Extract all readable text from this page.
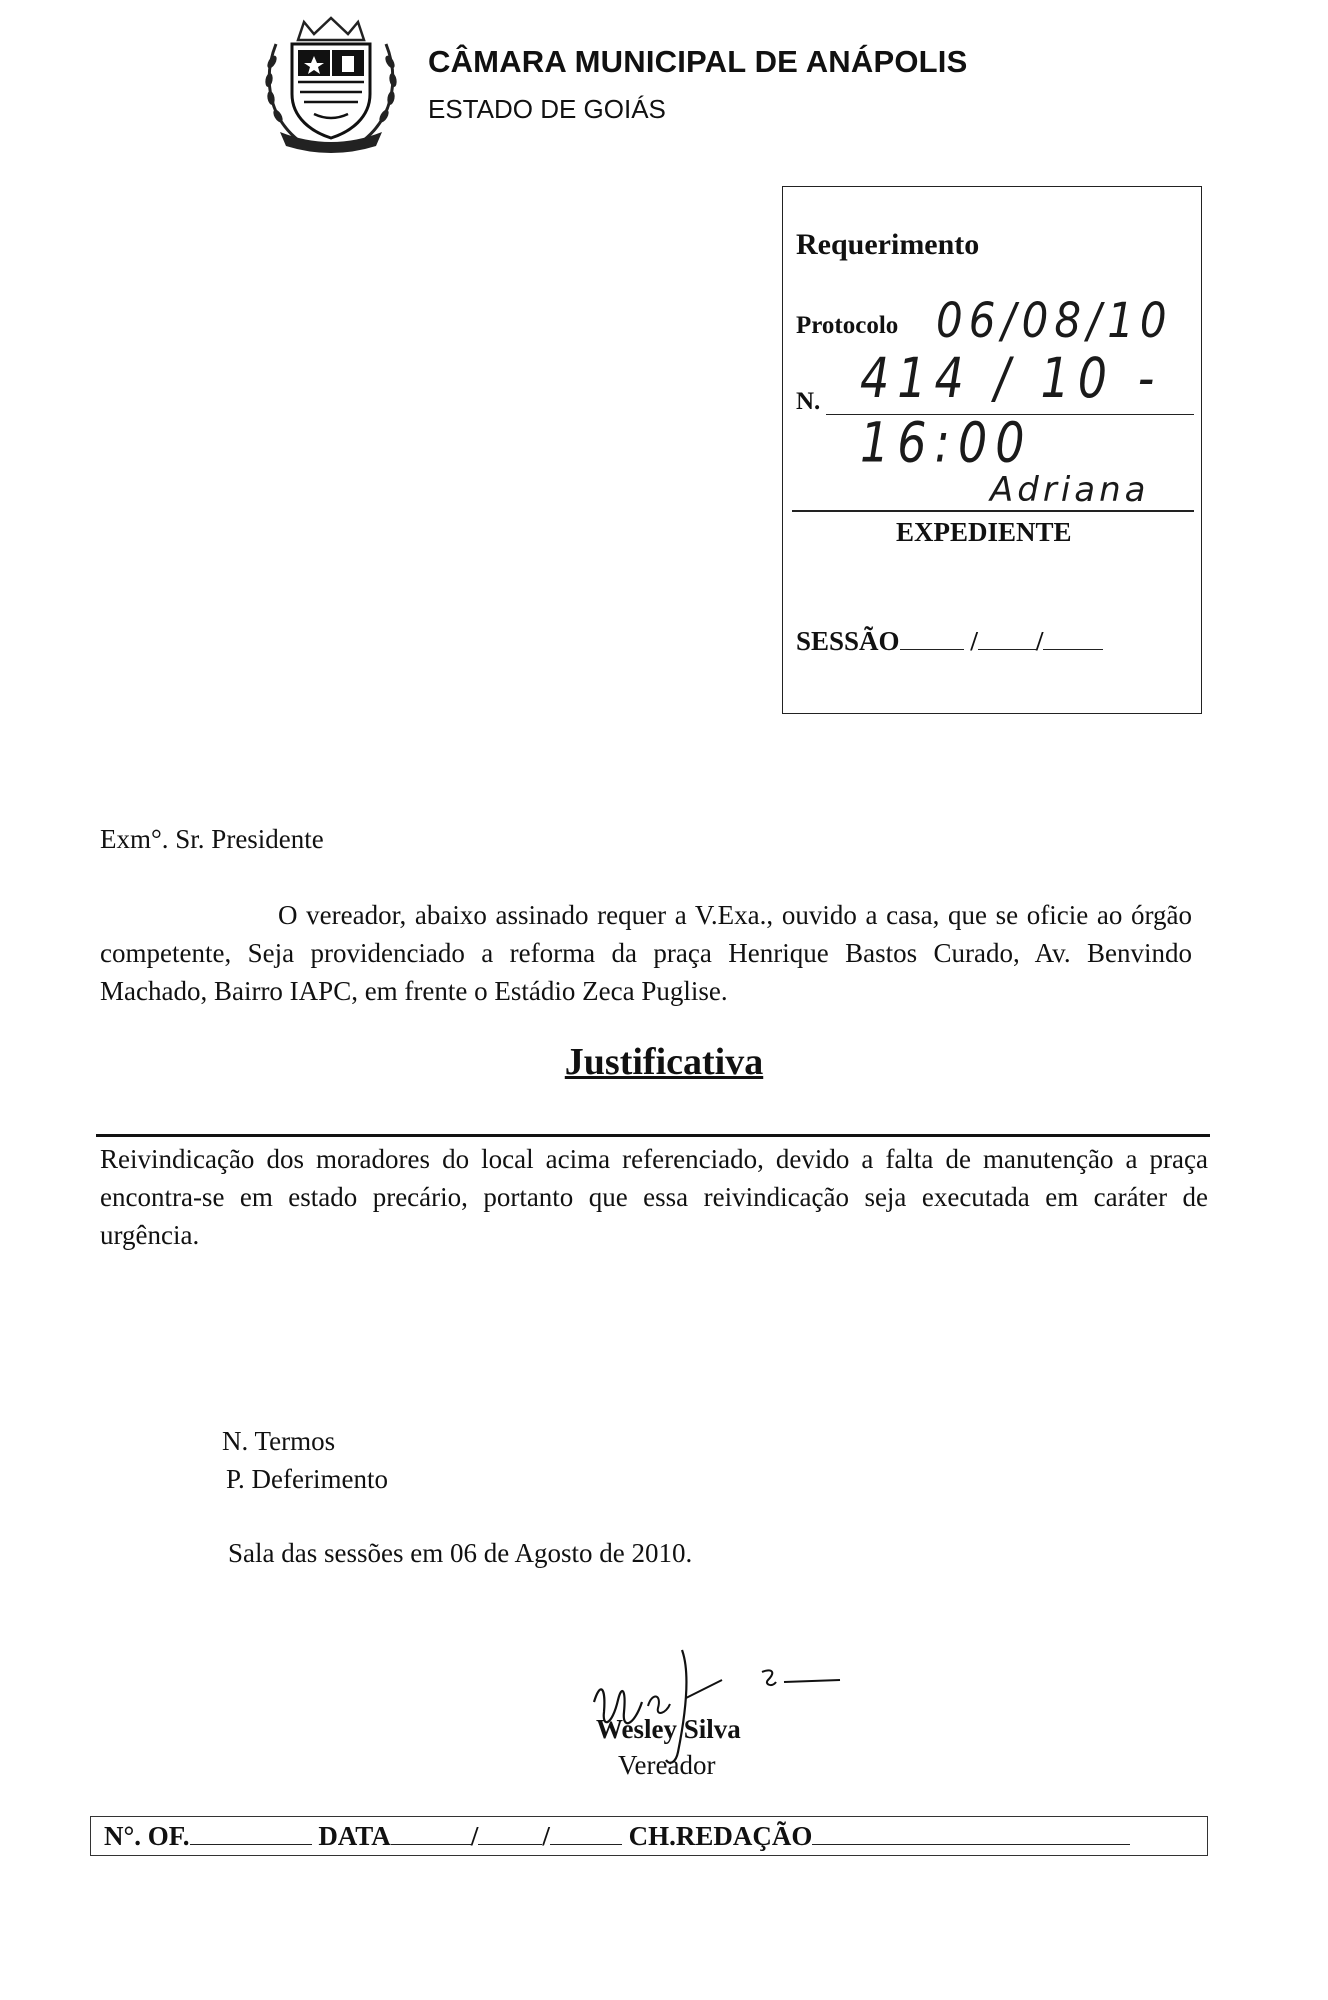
CÂMARA MUNICIPAL DE ANÁPOLIS
ESTADO DE GOIÁS
Requerimento
Protocolo 06/08/10
N. 414 / 10 - 16:00
Adriana
EXPEDIENTE
SESSÃO / /
Exm°. Sr. Presidente

O vereador, abaixo assinado requer a V.Exa., ouvido a casa, que se oficie ao órgão competente, Seja providenciado a reforma da praça Henrique Bastos Curado, Av. Benvindo Machado, Bairro IAPC, em frente o Estádio Zeca Puglise.

Justificativa

Reivindicação dos moradores do local acima referenciado, devido a falta de manutenção a praça encontra-se em estado precário, portanto que essa reivindicação seja executada em caráter de urgência.

N. Termos
P. Deferimento
Sala das sessões em 06 de Agosto de 2010.
Wesley Silva
Vereador
N°. OF.	DATA	/ /	CH.REDAÇÃO
